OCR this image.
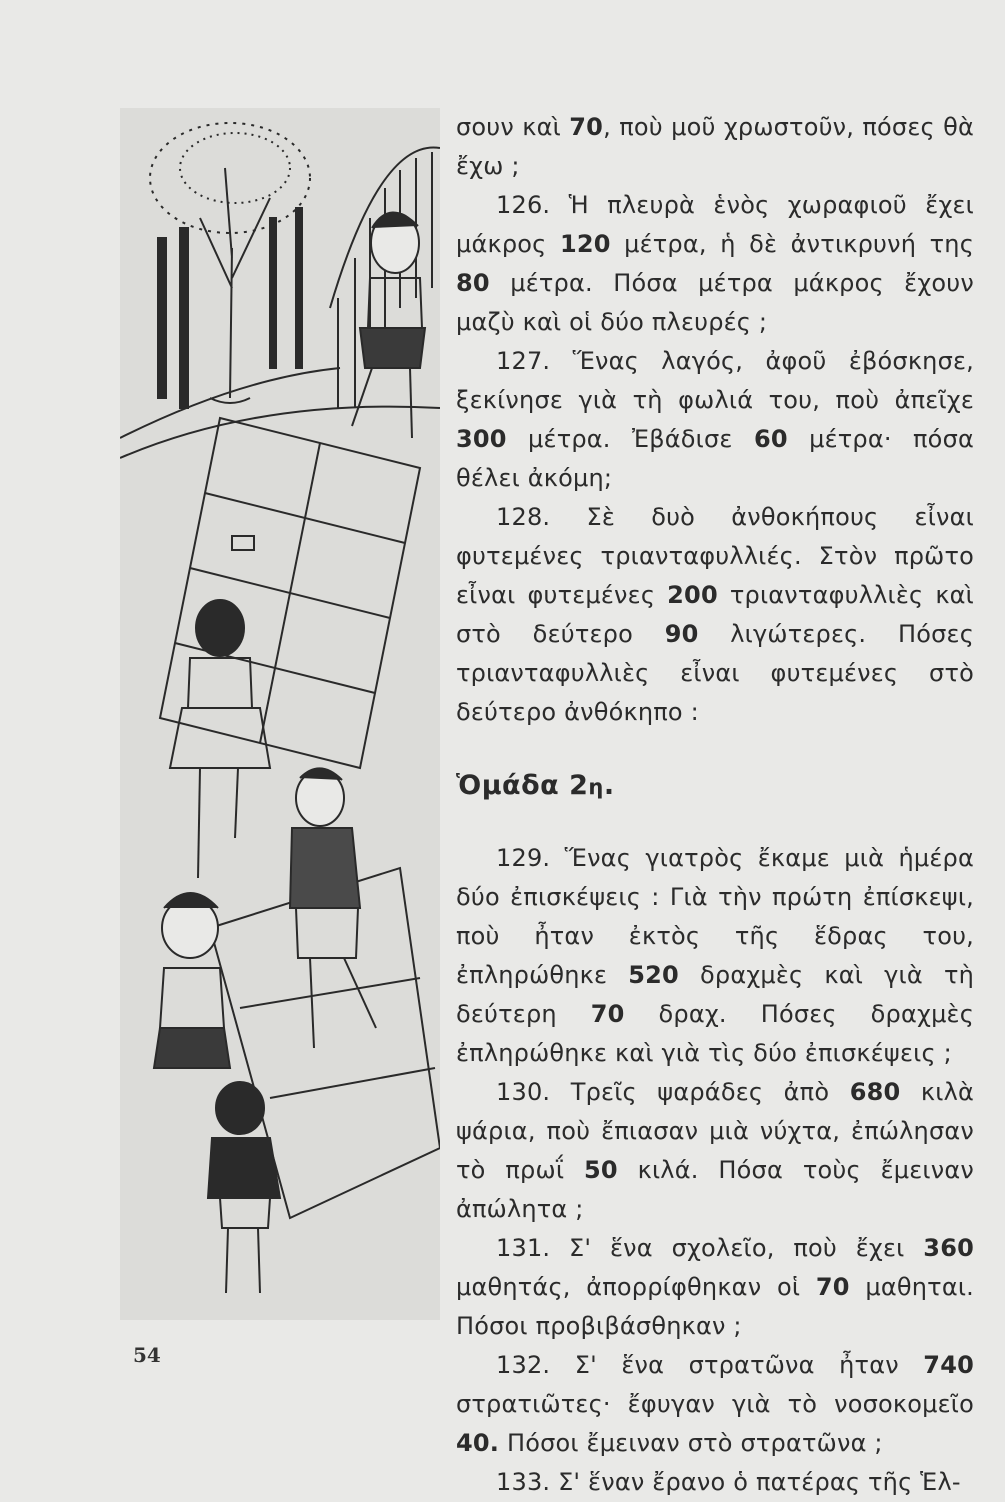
σουν καὶ 70, ποὺ μοῦ χρωστοῦν, πόσες θὰ ἔχω ;

126. Ἡ πλευρὰ ἑνὸς χωραφιοῦ ἔχει μάκρος 120 μέτρα, ἡ δὲ ἀντικρυνή της 80 μέτρα. Πόσα μέτρα μάκρος ἔχουν μαζὺ καὶ οἱ δύο πλευρές ;

127. Ἕνας λαγός, ἀφοῦ ἐβόσκησε, ξεκίνησε γιὰ τὴ φωλιά του, ποὺ ἀπεῖχε 300 μέτρα. Ἐβάδισε 60 μέτρα· πόσα θέλει ἀκόμη;

128. Σὲ δυὸ ἀνθοκήπους εἶναι φυτεμένες τριανταφυλλιές. Στὸν πρῶτο εἶναι φυτεμένες 200 τριανταφυλλιὲς καὶ στὸ δεύτερο 90 λιγώτερες. Πόσες τριανταφυλλιὲς εἶναι φυτεμένες στὸ δεύτερο ἀνθόκηπο :

Ὁμάδα 2η.

129. Ἕνας γιατρὸς ἔκαμε μιὰ ἡμέρα δύο ἐπισκέψεις : Γιὰ τὴν πρώτη ἐπίσκεψι, ποὺ ἦταν ἐκτὸς τῆς ἕδρας του, ἐπληρώθηκε 520 δραχμὲς καὶ γιὰ τὴ δεύτερη 70 δραχ. Πόσες δραχμὲς ἐπληρώθηκε καὶ γιὰ τὶς δύο ἐπισκέψεις ;

130. Τρεῖς ψαράδες ἀπὸ 680 κιλὰ ψάρια, ποὺ ἔπιασαν μιὰ νύχτα, ἐπώλησαν τὸ πρωΐ 50 κιλά. Πόσα τοὺς ἔμειναν ἀπώλητα ;

131. Σ' ἕνα σχολεῖο, ποὺ ἔχει 360 μαθητάς, ἀπορρίφθηκαν οἱ 70 μαθηται. Πόσοι προβιβάσθηκαν ;

132. Σ' ἕνα στρατῶνα ἦταν 740 στρατιῶτες· ἔφυγαν γιὰ τὸ νοσοκομεῖο 40. Πόσοι ἔμειναν στὸ στρατῶνα ;

133. Σ' ἕναν ἔρανο ὁ πατέρας τῆς Ἑλ-

54
